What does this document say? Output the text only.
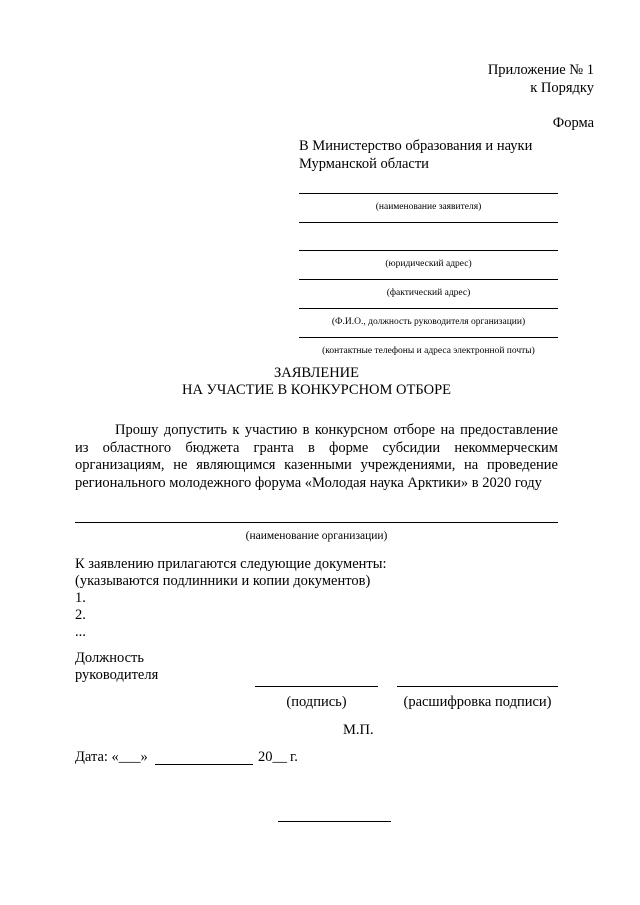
Приложение № 1
к Порядку
Форма
В Министерство образования и науки
Мурманской области
(наименование заявителя)
(юридический адрес)
(фактический адрес)
(Ф.И.О., должность руководителя организации)
(контактные телефоны и адреса электронной почты)
ЗАЯВЛЕНИЕ
НА УЧАСТИЕ В КОНКУРСНОМ ОТБОРЕ
Прошу допустить к участию в конкурсном отборе на предоставление
из областного бюджета гранта в форме субсидии некоммерческим
организациям, не являющимся казенными учреждениями, на проведение
регионального молодежного форума «Молодая наука Арктики» в 2020 году
(наименование организации)
К заявлению прилагаются следующие документы:
(указываются подлинники и копии документов)
1.
2.
...
Должность
руководителя
(подпись)	(расшифровка подписи)
М.П.
Дата: «___»	20__ г.
